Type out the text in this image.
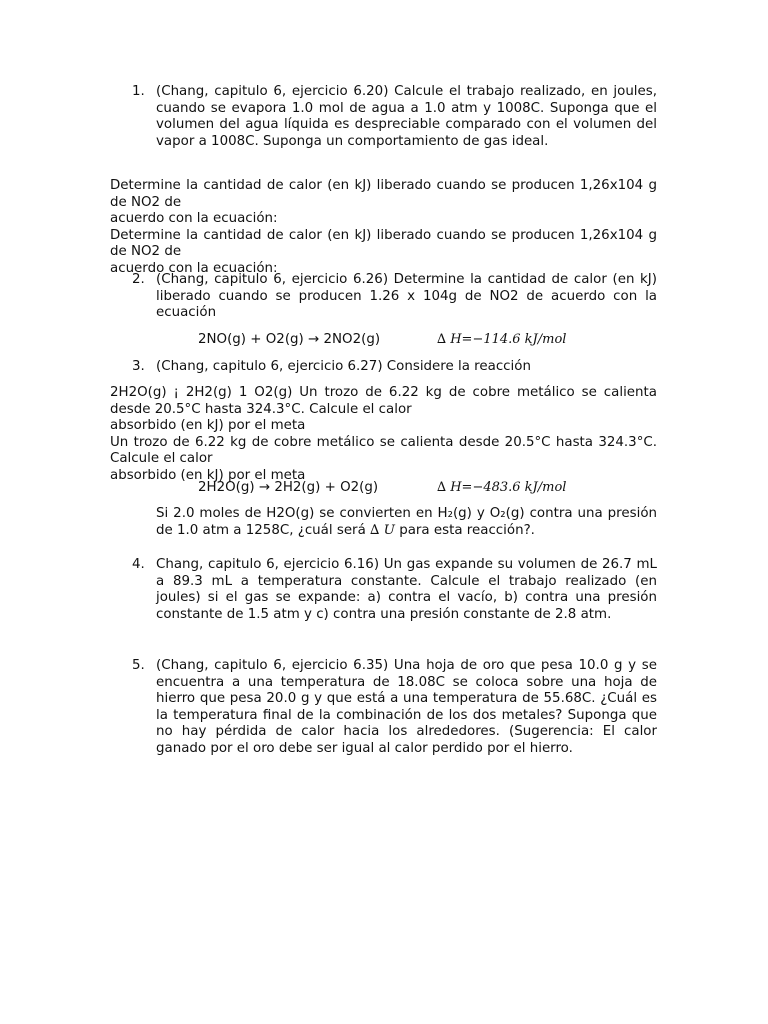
1. (Chang, capitulo 6, ejercicio 6.20) Calcule el trabajo realizado, en joules, cuando se evapora 1.0 mol de agua a 1.0 atm y 1008C. Suponga que el volumen del agua líquida es despreciable comparado con el volumen del vapor a 1008C. Suponga un comportamiento de gas ideal.
Determine la cantidad de calor (en kJ) liberado cuando se producen 1,26x104 g de NO2 de
acuerdo con la ecuación:
Determine la cantidad de calor (en kJ) liberado cuando se producen 1,26x104 g de NO2 de
acuerdo con la ecuación:
2. (Chang, capitulo 6, ejercicio 6.26) Determine la cantidad de calor (en kJ) liberado cuando se producen 1.26 x 104g de NO2 de acuerdo con la ecuación
2NO(g) + O2(g) → 2NO2(g)	∆ H=−114.6 kJ/mol
3. (Chang, capitulo 6, ejercicio 6.27) Considere la reacción
2H2O(g) ¡ 2H2(g) 1 O2(g) Un trozo de 6.22 kg de cobre metálico se calienta desde 20.5°C hasta 324.3°C. Calcule el calor
absorbido (en kJ) por el meta
Un trozo de 6.22 kg de cobre metálico se calienta desde 20.5°C hasta 324.3°C. Calcule el calor
absorbido (en kJ) por el meta
2H2O(g) → 2H2(g) + O2(g)	∆ H=−483.6 kJ/mol
Si 2.0 moles de H2O(g) se convierten en H₂(g) y O₂(g) contra una presión de 1.0 atm a 1258C, ¿cuál será ∆ U para esta reacción?.
4. Chang, capitulo 6, ejercicio 6.16) Un gas expande su volumen de 26.7 mL a 89.3 mL a temperatura constante. Calcule el trabajo realizado (en joules) si el gas se expande: a) contra el vacío, b) contra una presión constante de 1.5 atm y c) contra una presión constante de 2.8 atm.
5. (Chang, capitulo 6, ejercicio 6.35) Una hoja de oro que pesa 10.0 g y se encuentra a una temperatura de 18.08C se coloca sobre una hoja de hierro que pesa 20.0 g y que está a una temperatura de 55.68C. ¿Cuál es la temperatura final de la combinación de los dos metales? Suponga que no hay pérdida de calor hacia los alrededores. (Sugerencia: El calor ganado por el oro debe ser igual al calor perdido por el hierro.
